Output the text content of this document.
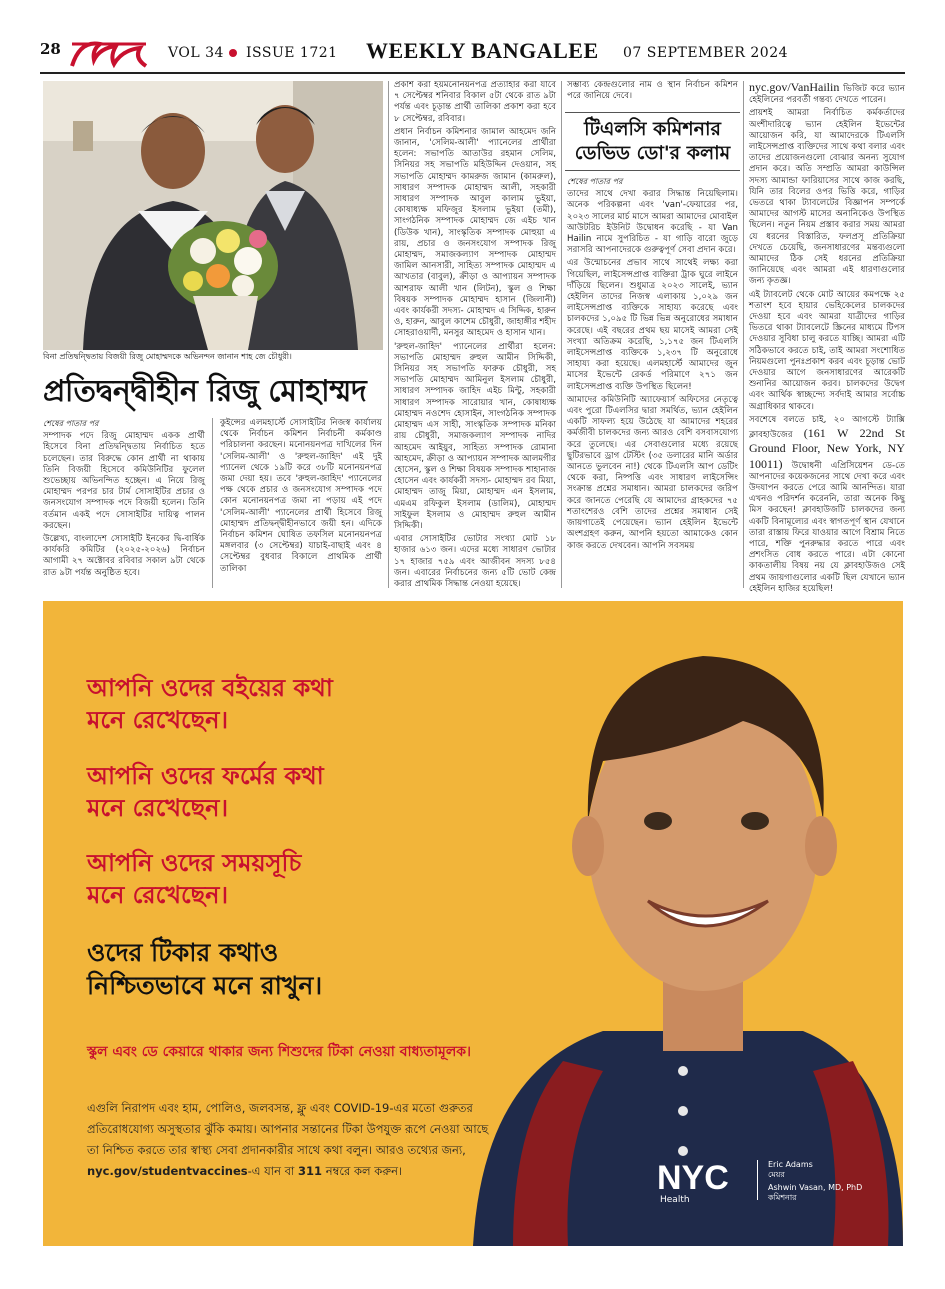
28	VOL 34 ISSUE 1721 WEEKLY BANGALEE 07 SEPTEMBER 2024
বিনা প্রতিদ্বন্দ্বিতায় বিজয়ী রিজু মোহাম্মদকে অভিনন্দন জানান শাহ জে চৌধুরী।
প্রতিদ্বন্দ্বীহীন রিজু মোহাম্মদ

শেষের পাতার পর

সম্পাদক পদে রিজু মোহাম্মদ একক প্রার্থী হিসেবে বিনা প্রতিদ্বন্দ্বিতায় নির্বাচিত হতে চলেছেন। তার বিরুদ্ধে কোন প্রার্থী না থাকায় তিনি বিজয়ী হিসেবে কমিউনিটির ফুলেল শুভেচ্ছায় অভিনন্দিত হচ্ছেন। এ নিয়ে রিজু মোহাম্মদ পরপর চার টার্ম সোসাইটির প্রচার ও জনসংযোগ সম্পাদক পদে বিজয়ী হলেন। তিনি বর্তমান একই পদে সোসাইটির দায়িত্ব পালন করছেন।

উল্লেখ্য, বাংলাদেশ সোসাইটি ইনকের দ্বি-বার্ষিক কার্যকরি কমিটির (২০২৫-২০২৬) নির্বাচন আগামী ২৭ অক্টোবর রবিবার সকাল ৯টা থেকে রাত ৯টা পর্যন্ত অনুষ্ঠিত হবে।

কুইন্সের এলমহার্স্টে সোসাইটির নিজস্ব কার্যালয় থেকে নির্বাচন কমিশন নির্বাচনী কর্মকাণ্ড পরিচালনা করছেন। মনোনয়নপত্র দাখিলের দিন 'সেলিম-আলী' ও 'রুহুল-জাহিদ' এই দুই প্যানেল থেকে ১৯টি করে ৩৮টি মনোনয়নপত্র জমা দেয়া হয়। তবে 'রুহুল-জাহিদ' প্যানেলের পক্ষ থেকে প্রচার ও জনসংযোগ সম্পাদক পদে কোন মনোনয়নপত্র জমা না পড়ায় এই পদে 'সেলিম-আলী' প্যানেলের প্রার্থী হিসেবে রিজু মোহাম্মদ প্রতিদ্বন্দ্বীহীনভাবে জয়ী হন। এদিকে নির্বাচন কমিশন ঘোষিত তফসিল মনোনয়নপত্র মঙ্গলবার (৩ সেপ্টেম্বর) যাচাই-বাছাই এবং ৪ সেপ্টেম্বর বুধবার বিকালে প্রাথমিক প্রার্থী তালিকা

প্রকাশ করা হয়মনোনয়নপত্র প্রত্যাহার করা যাবে ৭ সেপ্টেম্বর শনিবার বিকাল ৫টা থেকে রাত ৯টা পর্যন্ত এবং চূড়ান্ত প্রার্থী তালিকা প্রকাশ করা হবে ৮ সেপ্টেম্বর, রবিবার।

প্রধান নির্বাচন কমিশনার জামাল আহমেদ জনি জানান, 'সেলিম-আলী' প্যানেলের প্রার্থীরা হলেন: সভাপতি আতাউর রহমান সেলিম, সিনিয়র সহ সভাপতি মহিউদ্দিন দেওয়ান, সহ সভাপতি মোহাম্মদ কামরুজ জামান (কামরুল), সাধারণ সম্পাদক মোহাম্মদ আলী, সহকারী সাধারণ সম্পাদক আবুল কালাম ভুইয়া, কোষাধ্যক্ষ মফিজুর ইসলাম ভুইয়া (তমী), সাংগঠনিক সম্পাদক মোহাম্মদ জে এইচ খান (ডিউক খান), সাংস্কৃতিক সম্পাদক মোহুয়া এ রায়, প্রচার ও জনসংযোগ সম্পাদক রিজু মোহাম্মদ, সমাজকল্যাণ সম্পাদক মোহাম্মদ জামিল আনসারী, সাহিত্য সম্পাদক মোহাম্মদ এ আখতার (বাবুল), ক্রীড়া ও আপ্যায়ন সম্পাদক আশরাফ আলী খান (লিটন), স্কুল ও শিক্ষা বিষয়ক সম্পাদক মোহাম্মদ হাসান (জিলানী) এবং কার্যকরী সদস্য- মোহাম্মদ এ সিদ্দিক, হারুন ও, হারুন, আবুল কাশেম চৌধুরী, জাহাঙ্গীর শহীদ সোহরাওয়ার্দী, মনসুর আহমেদ ও হাসান খান।

'রুহুল-জাহিদ' প্যানেলের প্রার্থীরা হলেন: সভাপতি মোহাম্মদ রুহুল আমীন সিদ্দিকী, সিনিয়র সহ সভাপতি ফারুক চৌধুরী, সহ সভাপতি মোহাম্মদ আমিনুল ইসলাম চৌধুরী, সাধারণ সম্পাদক জাহিদ এইচ মিন্টু, সহকারী সাধারণ সম্পাদক সারোয়ার খান, কোষাধ্যক্ষ মোহাম্মদ নওশেদ হোসাইন, সাংগঠনিক সম্পাদক মোহাম্মদ এস সাহী, সাংস্কৃতিক সম্পাদক মনিকা রায় চৌধুরী, সমাজকল্যাণ সম্পাদক নাদির আহমেদ আইয়ুব, সাহিত্য সম্পাদক রোমানা আহমেদ, ক্রীড়া ও আপ্যায়ন সম্পাদক আলমগীর হোসেন, স্কুল ও শিক্ষা বিষয়ক সম্পাদক শাহানাজ হোসেন এবং কার্যকরী সদস্য- মোহাম্মদ রব মিয়া, মোহাম্মদ তাজু মিয়া, মোহাম্মদ এন ইসলাম, এমএম রফিকুল ইসলাম (ডালিম), মোহাম্মদ সাইফুল ইসলাম ও মোহাম্মদ রুহুল আমীন সিদ্দিকী।

এবার সোসাইটির ভোটার সংখ্যা মোট ১৮ হাজার ৬১৩ জন। এদের মধ্যে সাধারণ ভোটার ১৭ হাজার ৭৫৯ এবং আজীবন সদস্য ৮৫৪ জন। এবারের নির্বাচনের জন্য ৫টি ভোট কেন্দ্র করার প্রাথমিক সিদ্ধান্ত নেওয়া হয়েছে।

সম্ভাব্য কেন্দ্রগুলোর নাম ও স্থান নির্বাচন কমিশন পরে জানিয়ে দেবে।

টিএলসি কমিশনার
ডেভিড ডো'র কলাম

শেষের পাতার পর

তাদের সাথে দেখা করার সিদ্ধান্ত নিয়েছিলাম। অনেক পরিকল্পনা এবং 'van'-ফেয়ারের পর, ২০২৩ সালের মার্চ মাসে আমরা আমাদের মোবাইল আউটরিচ ইউনিট উদ্বোধন করেছি - যা Van Hailin নামে সুপরিচিত - যা গাড়ি বারো জুড়ে সরাসরি আপনাদেরকে গুরুত্বপূর্ণ সেবা প্রদান করে।

এর উন্মোচনের প্রভাব সাথে সাথেই লক্ষ্য করা গিয়েছিল, লাইসেন্সপ্রাপ্ত ব্যক্তিরা ট্রাক ঘুরে লাইনে দাঁড়িয়ে ছিলেন। শুধুমাত্র ২০২৩ সালেই, ভ্যান হেইলিন তাদের নিজস্ব এলাকায় ১,০২৯ জন লাইসেন্সপ্রাপ্ত ব্যক্তিকে সাহায্য করেছে এবং চালকদের ১,০৯৫ টি ভিন্ন ভিন্ন অনুরোধের সমাধান করেছে। এই বছরের প্রথম ছয় মাসেই আমরা সেই সংখ্যা অতিক্রম করেছি, ১,১৭৫ জন টিএলসি লাইসেন্সপ্রাপ্ত ব্যক্তিকে ১,২৩৭ টি অনুরোধে সাহায্য করা হয়েছে। এলমহার্স্টে আমাদের জুন মাসের ইভেন্টে রেকর্ড পরিমাণে ২৭১ জন লাইসেন্সপ্রাপ্ত ব্যক্তি উপস্থিত ছিলেন!

আমাদের কমিউনিটি অ্যাফেয়ার্স অফিসের নেতৃত্বে এবং পুরো টিএলসির দ্বারা সমর্থিত, ভ্যান হেইলিন একটি সাফল্য হয়ে উঠেছে যা আমাদের শহরের কর্মজীবী চালকদের জন্য আরও বেশি বসবাসযোগ্য করে তুলেছে। এর সেবাগুলোর মধ্যে রয়েছে ছুটিরভাবে ড্রাগ টেস্টিং (৩৫ ডলারের মানি অর্ডার আনতে ভুলবেন না!) থেকে টিএলসি আপ ডেটিং থেকে করা, নিষ্পত্তি এবং সাধারণ লাইসেন্সিং সংক্রান্ত প্রশ্নের সমাধান। আমরা চালকদের জরিপ করে জানতে পেরেছি যে আমাদের গ্রাহকদের ৭৫ শতাংশেরও বেশি তাদের প্রশ্নের সমাধান সেই জায়গাতেই পেয়েছেন। ভ্যান হেইলিন ইভেন্টে অংশগ্রহণ করুন, আপনি হয়তো আমাকেও কোন কাজ করতে দেখবেন। আপনি সবসময়

nyc.gov/VanHailin ভিজিট করে ভ্যান হেইলিনের পরবর্তী গন্তব্য দেখতে পারেন।

প্রায়শই আমরা নির্বাচিত কর্মকর্তাদের অংশীদারিত্বে ভ্যান হেইলিন ইভেন্টের আয়োজন করি, যা আমাদেরকে টিএলসি লাইসেন্সপ্রাপ্ত ব্যক্তিদের সাথে কথা বলার এবং তাদের প্রয়োজনগুলো বোঝার অনন্য সুযোগ প্রদান করে। অতি সম্প্রতি আমরা কাউন্সিল সদস্য আমান্ডা ফারিয়াসের সাথে কাজ করছি, যিনি তার বিলের ওপর ভিত্তি করে, গাড়ির ভেতরে থাকা ট্যাবলেটের বিজ্ঞাপন সম্পর্কে আমাদের আগস্ট মাসের অনানিকেও উপস্থিত ছিলেন। নতুন নিয়ম প্রস্তাব করার সময় আমরা যে ধরনের বিস্তারিত, ফলপ্রসূ প্রতিক্রিয়া দেখতে চেয়েছি, জনসাধারণের মন্তব্যগুলো আমাদের ঠিক সেই ধরনের প্রতিক্রিয়া জানিয়েছে এবং আমরা এই ধারণাগুলোর জন্য কৃতজ্ঞ।

এই ট্যাবলেট থেকে মোট আয়ের কমপক্ষে ২৫ শতাংশ হবে হায়ার ভেহিকেলের চালকদের দেওয়া হবে এবং আমরা যাত্রীদের গাড়ির ভিতরে থাকা ট্যাবলেটে স্ক্রিনের মাধ্যমে টিপস দেওয়ার সুবিধা চালু করতে যাচ্ছি। আমরা এটি সঠিকভাবে করতে চাই, তাই আমরা সংশোধিত নিয়মগুলো পুনঃপ্রকাশ করব এবং চূড়ান্ত ভোট দেওয়ার আগে জনসাধারণের আরেকটি শুনানির আয়োজন করব। চালকদের উদ্বেগ এবং আর্থিক স্বাচ্ছন্দ্যে সর্বদাই আমার সর্বোচ্চ অগ্রাধিকার থাকবে।

সবশেষে বলতে চাই, ২০ আগস্টে ট্যাক্সি ক্লাবহাউজের (161 W 22nd St Ground Floor, New York, NY 10011) উদ্বোধনী এপ্রিসিয়েশন ডে-তে আপনাদের কয়েকজনের সাথে দেখা করে এবং উদযাপন করতে পেরে আমি আনন্দিত। যারা এখনও পরিদর্শন করেননি, তারা অনেক কিছু মিস করছেন! ক্লাবহাউজটি চালকদের জন্য একটি বিনামূল্যের এবং স্বাগতপূর্ণ স্থান যেখানে তারা রাস্তায় ফিরে যাওয়ার আগে বিশ্রাম নিতে পারে, শক্তি পুনরুদ্ধার করতে পারে এবং প্রশংসিত বোধ করতে পারে। এটা কোনো কাকতালীয় বিষয় নয় যে ক্লাবহাউজও সেই প্রথম জায়গাগুলোর একটি ছিল যেখানে ভ্যান হেইলিন হাজির হয়েছিল!

আপনি ওদের বইয়ের কথা
মনে রেখেছেন।
আপনি ওদের ফর্মের কথা
মনে রেখেছেন।
আপনি ওদের সময়সূচি
মনে রেখেছেন।
ওদের টিকার কথাও
নিশ্চিতভাবে মনে রাখুন।
স্কুল এবং ডে কেয়ারে থাকার জন্য শিশুদের টিকা নেওয়া বাধ্যতামূলক।
এগুলি নিরাপদ এবং হাম, পোলিও, জলবসন্ত, ফ্লু এবং COVID-19-এর মতো গুরুতর প্রতিরোধযোগ্য অসুস্থতার ঝুঁকি কমায়। আপনার সন্তানের টিকা উপযুক্ত রূপে নেওয়া আছে তা নিশ্চিত করতে তার স্বাস্থ্য সেবা প্রদানকারীর সাথে কথা বলুন। আরও তথ্যের জন্য, nyc.gov/studentvaccines-এ যান বা 311 নম্বরে কল করুন।	NYC
Health
Eric Adams
মেয়র
Ashwin Vasan, MD, PhD
কমিশনার
